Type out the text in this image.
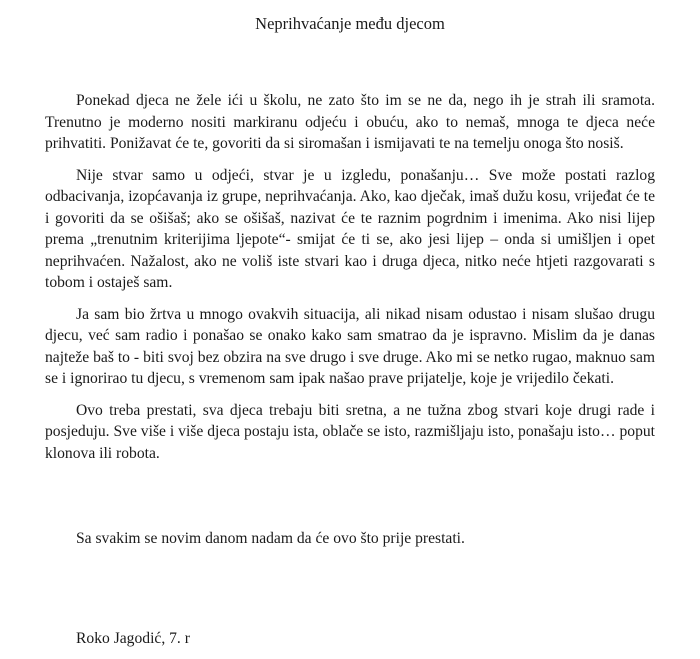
Neprihvaćanje među djecom

Ponekad djeca ne žele ići u školu, ne zato što im se ne da, nego ih je strah ili sramota. Trenutno je moderno nositi markiranu odjeću i obuću, ako to nemaš, mnoga te djeca neće prihvatiti. Ponižavat će te, govoriti da si siromašan i ismijavati te na temelju onoga što nosiš.

Nije stvar samo u odjeći, stvar je u izgledu, ponašanju… Sve može postati razlog odbacivanja, izopćavanja iz grupe, neprihvaćanja. Ako, kao dječak, imaš dužu kosu, vrijeđat će te i govoriti da se ošišaš; ako se ošišaš, nazivat će te raznim pogrdnim i imenima. Ako nisi lijep prema „trenutnim kriterijima ljepote“- smijat će ti se, ako jesi lijep – onda si umišljen i opet neprihvaćen. Nažalost, ako ne voliš iste stvari kao i druga djeca, nitko neće htjeti razgovarati s tobom i ostaješ sam.

Ja sam bio žrtva u mnogo ovakvih situacija, ali nikad nisam odustao i nisam slušao drugu djecu, već sam radio i ponašao se onako kako sam smatrao da je ispravno. Mislim da je danas najteže baš to - biti svoj bez obzira na sve drugo i sve druge. Ako mi se netko rugao, maknuo sam se i ignorirao tu djecu, s vremenom sam ipak našao prave prijatelje, koje je vrijedilo čekati.

Ovo treba prestati, sva djeca trebaju biti sretna, a ne tužna zbog stvari koje drugi rade i posjeduju. Sve više i više djeca postaju ista, oblače se isto, razmišljaju isto, ponašaju isto… poput klonova ili robota.

Sa svakim se novim danom nadam da će ovo što prije prestati.
Roko Jagodić, 7. r
